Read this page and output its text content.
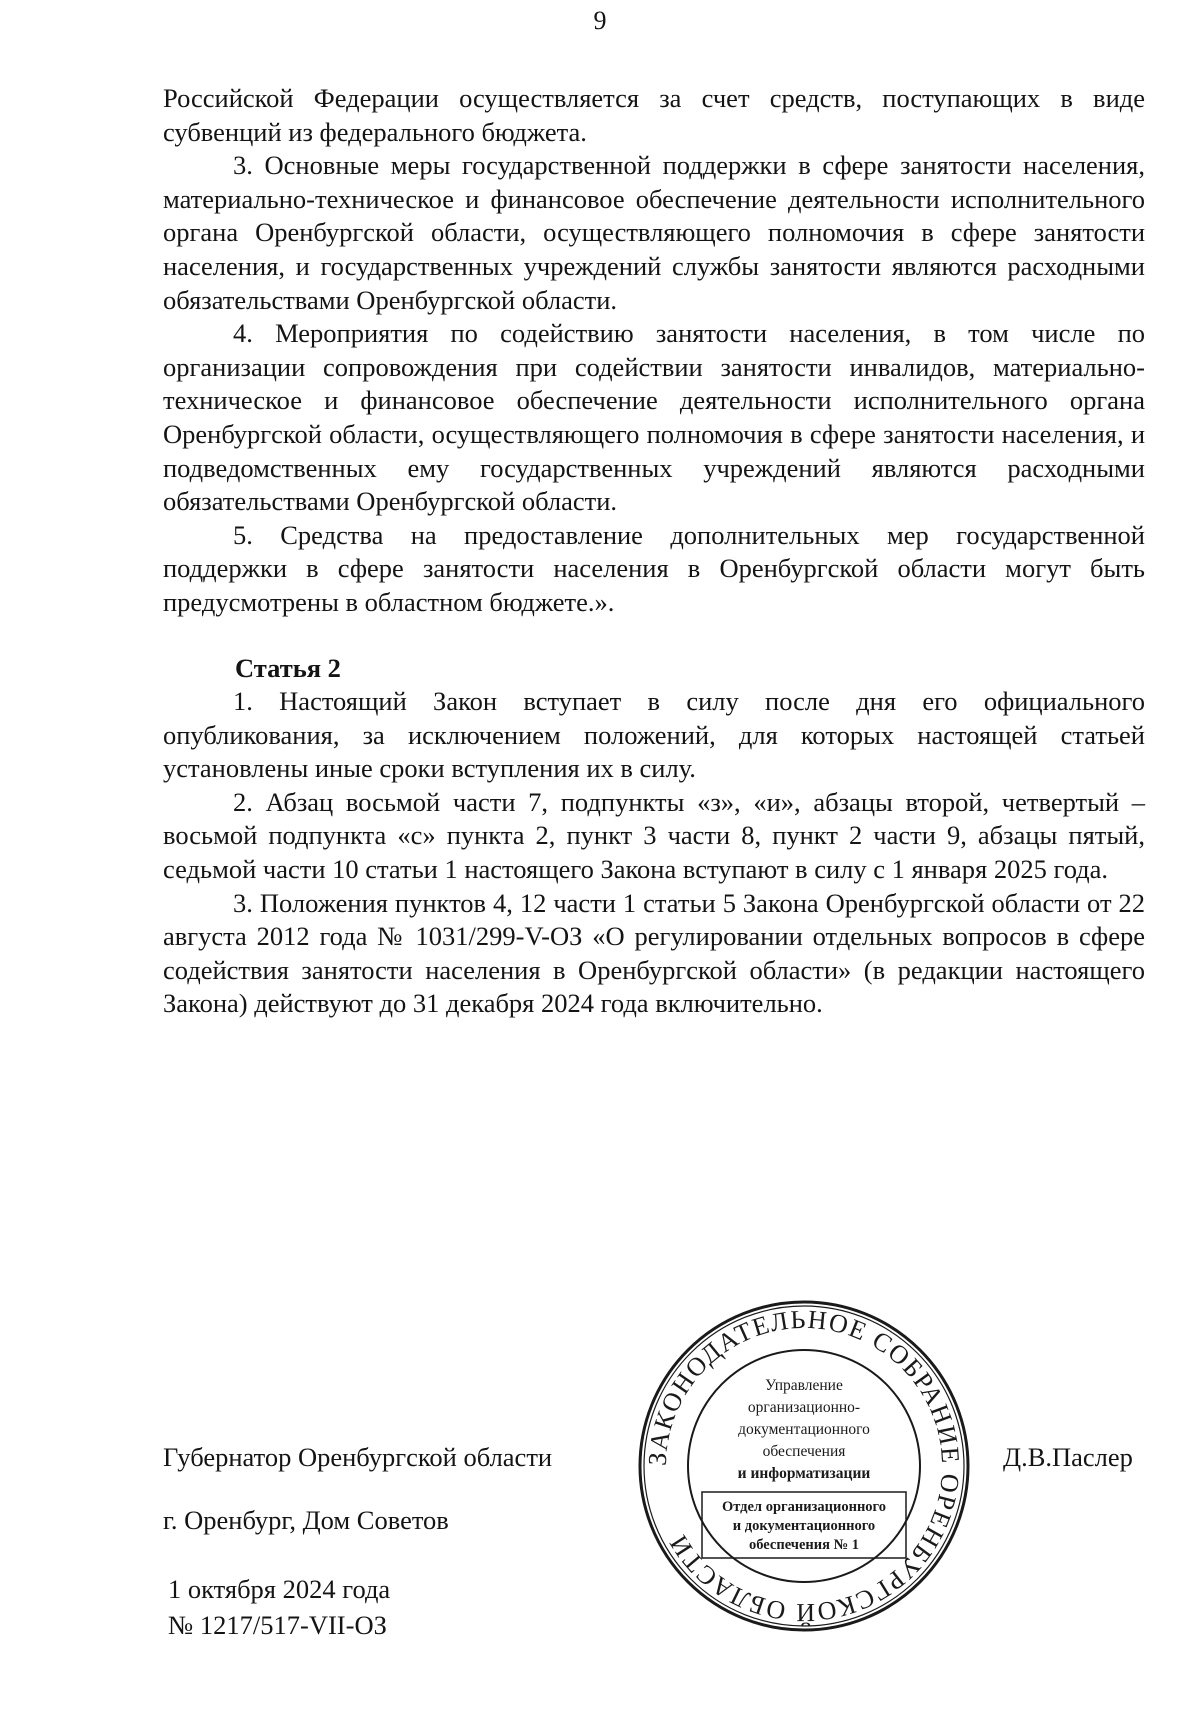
9

Российской Федерации осуществляется за счет средств, поступающих в виде субвенций из федерального бюджета.

3. Основные меры государственной поддержки в сфере занятости населения, материально-техническое и финансовое обеспечение деятельности исполнительного органа Оренбургской области, осуществляющего полномочия в сфере занятости населения, и государственных учреждений службы занятости являются расходными обязательствами Оренбургской области.

4. Мероприятия по содействию занятости населения, в том числе по организации сопровождения при содействии занятости инвалидов, материально-техническое и финансовое обеспечение деятельности исполнительного органа Оренбургской области, осуществляющего полномочия в сфере занятости населения, и подведомственных ему государственных учреждений являются расходными обязательствами Оренбургской области.

5. Средства на предоставление дополнительных мер государственной поддержки в сфере занятости населения в Оренбургской области могут быть предусмотрены в областном бюджете.».

Статья 2

1. Настоящий Закон вступает в силу после дня его официального опубликования, за исключением положений, для которых настоящей статьей установлены иные сроки вступления их в силу.

2. Абзац восьмой части 7, подпункты «з», «и», абзацы второй, четвертый – восьмой подпункта «с» пункта 2, пункт 3 части 8, пункт 2 части 9, абзацы пятый, седьмой части 10 статьи 1 настоящего Закона вступают в силу с 1 января 2025 года.

3. Положения пунктов 4, 12 части 1 статьи 5 Закона Оренбургской области от 22 августа 2012 года № 1031/299-V-ОЗ «О регулировании отдельных вопросов в сфере содействия занятости населения в Оренбургской области» (в редакции настоящего Закона) действуют до 31 декабря 2024 года включительно.

Губернатор Оренбургской области	Д.В.Паслер
г. Оренбург, Дом Советов
1 октября 2024 года
№ 1217/517-VII-ОЗ
ЗАКОНОДАТЕЛЬНОЕ СОБРАНИЕ ОРЕНБУРГСКОЙ ОБЛАСТИ
Управление
организационно-
документационного
обеспечения
и информатизации
Отдел организационного
и документационного
обеспечения № 1
